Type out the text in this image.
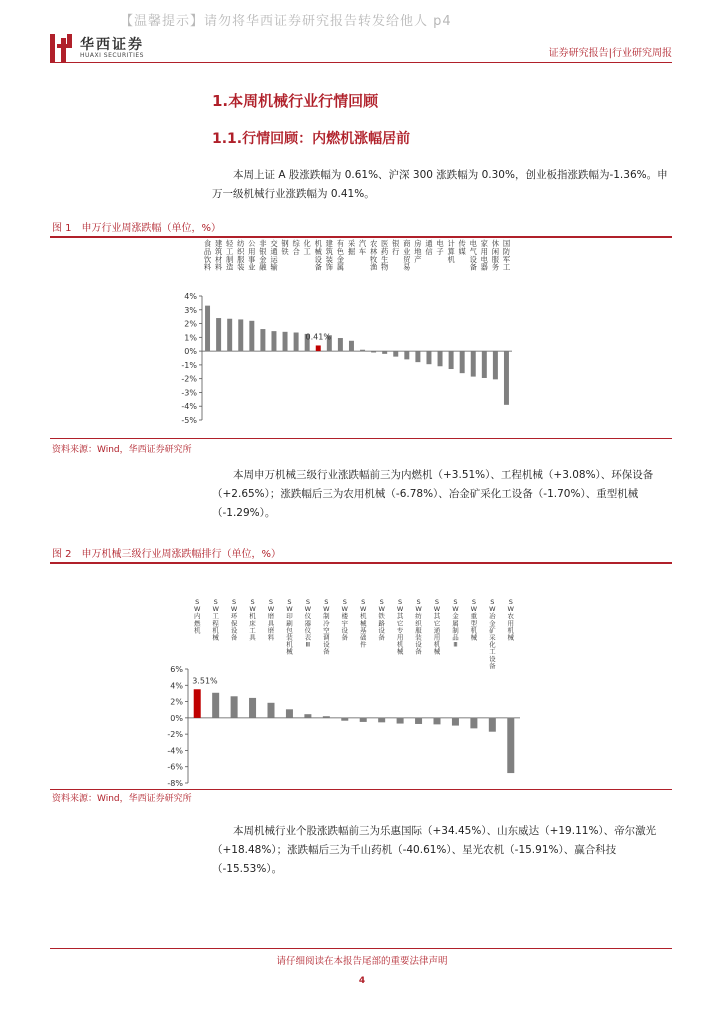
【温馨提示】请勿将华西证券研究报告转发给他人 p4
华西证券
HUAXI SECURITIES	证券研究报告|行业研究周报
1.本周机械行业行情回顾
1.1.行情回顾：内燃机涨幅居前
本周上证 A 股涨跌幅为 0.61%、沪深 300 涨跌幅为 0.30%，创业板指涨跌幅为-1.36%。申万一级机械行业涨跌幅为 0.41%。
图 1　申万行业周涨跌幅（单位，%）
4%
3%
2%
1%
0%
-1%
-2%
-3%
-4%
-5%
食品饮料
建筑材料
轻工制造
纺织服装
公用事业
非银金融
交通运输
钢铁
综合
化工
机械设备
建筑装饰
有色金属
采掘
汽车
农林牧渔
医药生物
银行
商业贸易
房地产
通信
电子
计算机
传媒
电气设备
家用电器
休闲服务
国防军工
0.41%
资料来源：Wind，华西证券研究所
本周申万机械三级行业涨跌幅前三为内燃机（+3.51%）、工程机械（+3.08%）、环保设备（+2.65%）；涨跌幅后三为农用机械（-6.78%）、冶金矿采化工设备（-1.70%）、重型机械（-1.29%）。
图 2　申万机械三级行业周涨跌幅排行（单位，%）
6%
4%
2%
0%
-2%
-4%
-6%
-8%
S W 内燃机
S W 工程机械
S W 环保设备
S W 机床工具
S W 磨具磨料
S W 印刷包装机械
S W 仪器仪表 Ⅲ
S W 制冷空调设备
S W 楼宇设备
S W 机械基础件
S W 铁路设备
S W 其它专用机械
S W 纺织服装设备
S W 其它通用机械
S W 金属制品 Ⅲ
S W 重型机械
S W 冶金矿采化工设备
S W 农用机械
3.51%
资料来源：Wind，华西证券研究所
本周机械行业个股涨跌幅前三为乐惠国际（+34.45%）、山东威达（+19.11%）、帝尔激光（+18.48%）；涨跌幅后三为千山药机（-40.61%）、星光农机（-15.91%）、赢合科技（-15.53%）。
请仔细阅读在本报告尾部的重要法律声明
4
